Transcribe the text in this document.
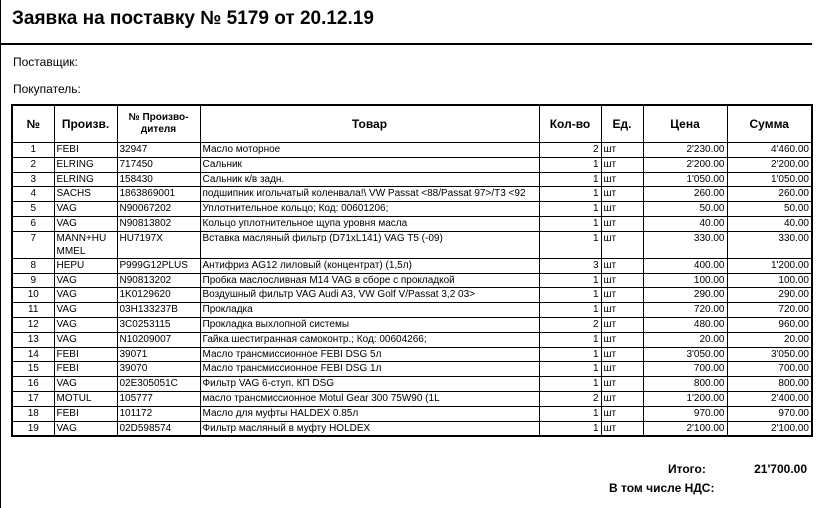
Заявка на поставку № 5179 от 20.12.19
Поставщик:
Покупатель:
№	Произв.	№ Произво-дителя	Товар	Кол-во	Ед.	Цена	Сумма
1	FEBI	32947	Масло моторное	2	шт	2'230.00	4'460.00
2	ELRING	717450	Сальник	1	шт	2'200.00	2'200.00
3	ELRING	158430	Сальник к/в задн.	1	шт	1'050.00	1'050.00
4	SACHS	1863869001	подшипник игольчатый коленвала!\ VW Passat <88/Passat 97>/T3 <92	1	шт	260.00	260.00
5	VAG	N90067202	Уплотнительное кольцо; Код: 00601206;	1	шт	50.00	50.00
6	VAG	N90813802	Кольцо уплотнительное щупа уровня масла	1	шт	40.00	40.00
7	MANN+HUMMEL	HU7197X	Вставка масляный фильтр (D71xL141) VAG T5 (-09)	1	шт	330.00	330.00
8	HEPU	P999G12PLUS	Антифриз AG12 лиловый (концентрат) (1,5л)	3	шт	400.00	1'200.00
9	VAG	N90813202	Пробка маслосливная M14 VAG в сборе с прокладкой	1	шт	100.00	100.00
10	VAG	1K0129620	Воздушный фильтр VAG Audi A3, VW Golf V/Passat 3,2 03>	1	шт	290.00	290.00
11	VAG	03H133237B	Прокладка	1	шт	720.00	720.00
12	VAG	3C0253115	Прокладка выхлопной системы	2	шт	480.00	960.00
13	VAG	N10209007	Гайка шестигранная самоконтр.; Код: 00604266;	1	шт	20.00	20.00
14	FEBI	39071	Масло трансмиссионное FEBI DSG 5л	1	шт	3'050.00	3'050.00
15	FEBI	39070	Масло трансмиссионное FEBI DSG 1л	1	шт	700.00	700.00
16	VAG	02E305051C	Фильтр VAG 6-ступ. КП DSG	1	шт	800.00	800.00
17	MOTUL	105777	масло трансмиссионное Motul Gear 300 75W90 (1L	2	шт	1'200.00	2'400.00
18	FEBI	101172	Масло для муфты HALDEX 0.85л	1	шт	970.00	970.00
19	VAG	02D598574	Фильтр масляный в муфту HOLDEX	1	шт	2'100.00	2'100.00
Итого:	21'700.00
В том числе НДС:
